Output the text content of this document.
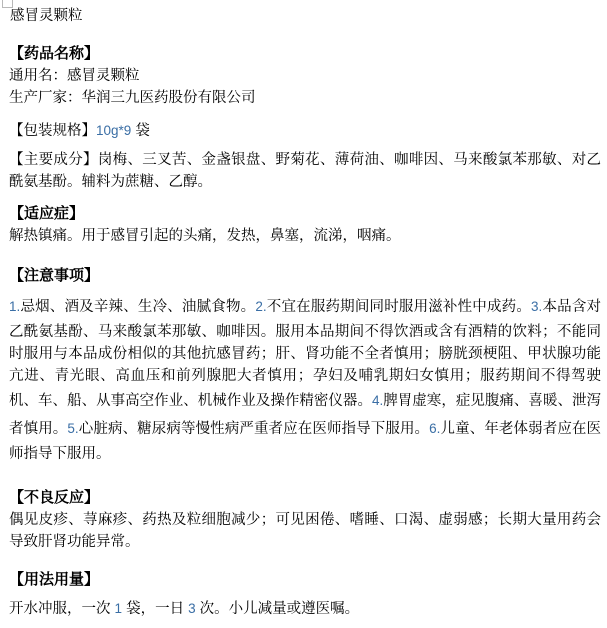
感冒灵颗粒
【药品名称】
通用名：感冒灵颗粒
生产厂家：华润三九医药股份有限公司

【包装规格】10g*9 袋

【主要成分】岗梅、三叉苦、金盏银盘、野菊花、薄荷油、咖啡因、马来酸氯苯那敏、对乙酰氨基酚。辅料为蔗糖、乙醇。

【适应症】
解热镇痛。用于感冒引起的头痛，发热，鼻塞，流涕，咽痛。
【注意事项】

1.忌烟、酒及辛辣、生冷、油腻食物。2.不宜在服药期间同时服用滋补性中成药。3.本品含对乙酰氨基酚、马来酸氯苯那敏、咖啡因。服用本品期间不得饮酒或含有酒精的饮料；不能同时服用与本品成份相似的其他抗感冒药；肝、肾功能不全者慎用；膀胱颈梗阻、甲状腺功能亢进、青光眼、高血压和前列腺肥大者慎用；孕妇及哺乳期妇女慎用；服药期间不得驾驶机、车、船、从事高空作业、机械作业及操作精密仪器。4.脾胃虚寒，症见腹痛、喜暖、泄泻者慎用。5.心脏病、糖尿病等慢性病严重者应在医师指导下服用。6.儿童、年老体弱者应在医师指导下服用。

【不良反应】
偶见皮疹、荨麻疹、药热及粒细胞减少；可见困倦、嗜睡、口渴、虚弱感；长期大量用药会导致肝肾功能异常。
【用法用量】

开水冲服，一次 1 袋，一日 3 次。小儿减量或遵医嘱。
